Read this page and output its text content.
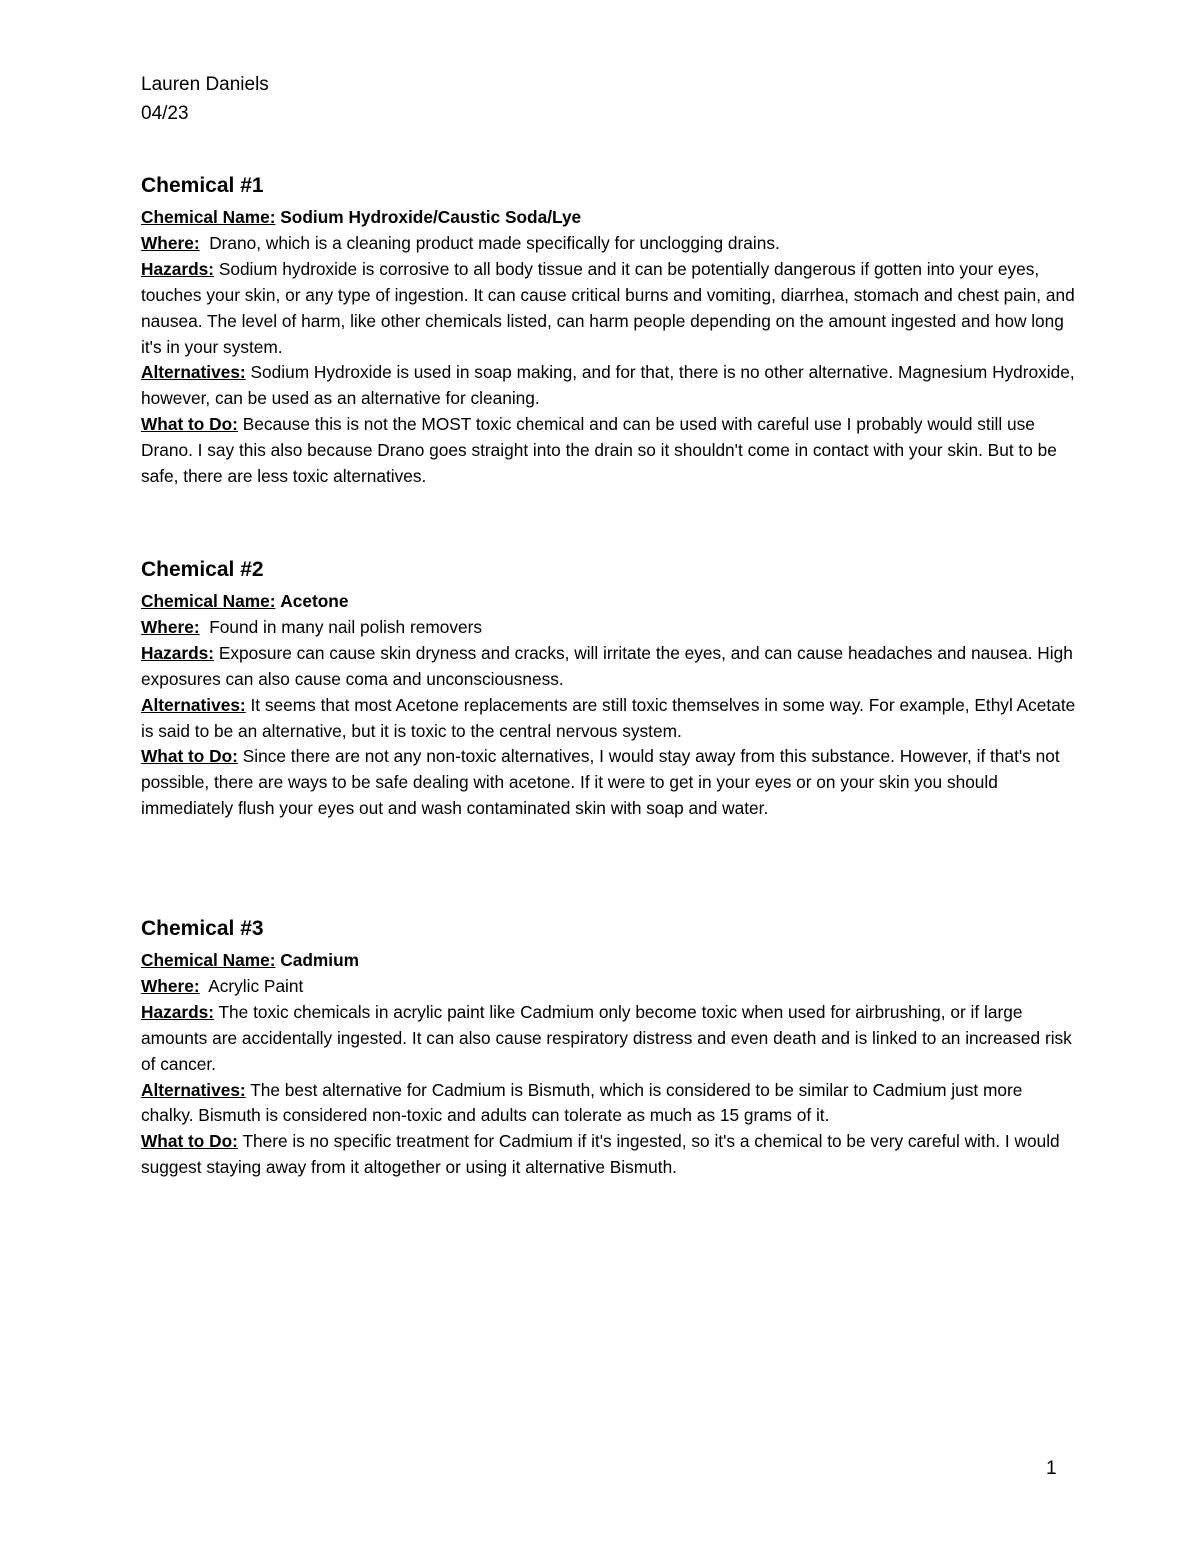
Lauren Daniels
04/23
Chemical #1

Chemical Name: Sodium Hydroxide/Caustic Soda/Lye

Where: Drano, which is a cleaning product made specifically for unclogging drains.

Hazards: Sodium hydroxide is corrosive to all body tissue and it can be potentially dangerous if gotten into your eyes, touches your skin, or any type of ingestion. It can cause critical burns and vomiting, diarrhea, stomach and chest pain, and nausea. The level of harm, like other chemicals listed, can harm people depending on the amount ingested and how long it's in your system.

Alternatives: Sodium Hydroxide is used in soap making, and for that, there is no other alternative. Magnesium Hydroxide, however, can be used as an alternative for cleaning.

What to Do: Because this is not the MOST toxic chemical and can be used with careful use I probably would still use Drano. I say this also because Drano goes straight into the drain so it shouldn't come in contact with your skin. But to be safe, there are less toxic alternatives.

Chemical #2

Chemical Name: Acetone

Where: Found in many nail polish removers

Hazards: Exposure can cause skin dryness and cracks, will irritate the eyes, and can cause headaches and nausea. High exposures can also cause coma and unconsciousness.

Alternatives: It seems that most Acetone replacements are still toxic themselves in some way. For example, Ethyl Acetate is said to be an alternative, but it is toxic to the central nervous system.

What to Do: Since there are not any non-toxic alternatives, I would stay away from this substance. However, if that's not possible, there are ways to be safe dealing with acetone. If it were to get in your eyes or on your skin you should immediately flush your eyes out and wash contaminated skin with soap and water.

Chemical #3

Chemical Name: Cadmium

Where: Acrylic Paint

Hazards: The toxic chemicals in acrylic paint like Cadmium only become toxic when used for airbrushing, or if large amounts are accidentally ingested. It can also cause respiratory distress and even death and is linked to an increased risk of cancer.

Alternatives: The best alternative for Cadmium is Bismuth, which is considered to be similar to Cadmium just more chalky. Bismuth is considered non-toxic and adults can tolerate as much as 15 grams of it.

What to Do: There is no specific treatment for Cadmium if it's ingested, so it's a chemical to be very careful with. I would suggest staying away from it altogether or using it alternative Bismuth.

1
